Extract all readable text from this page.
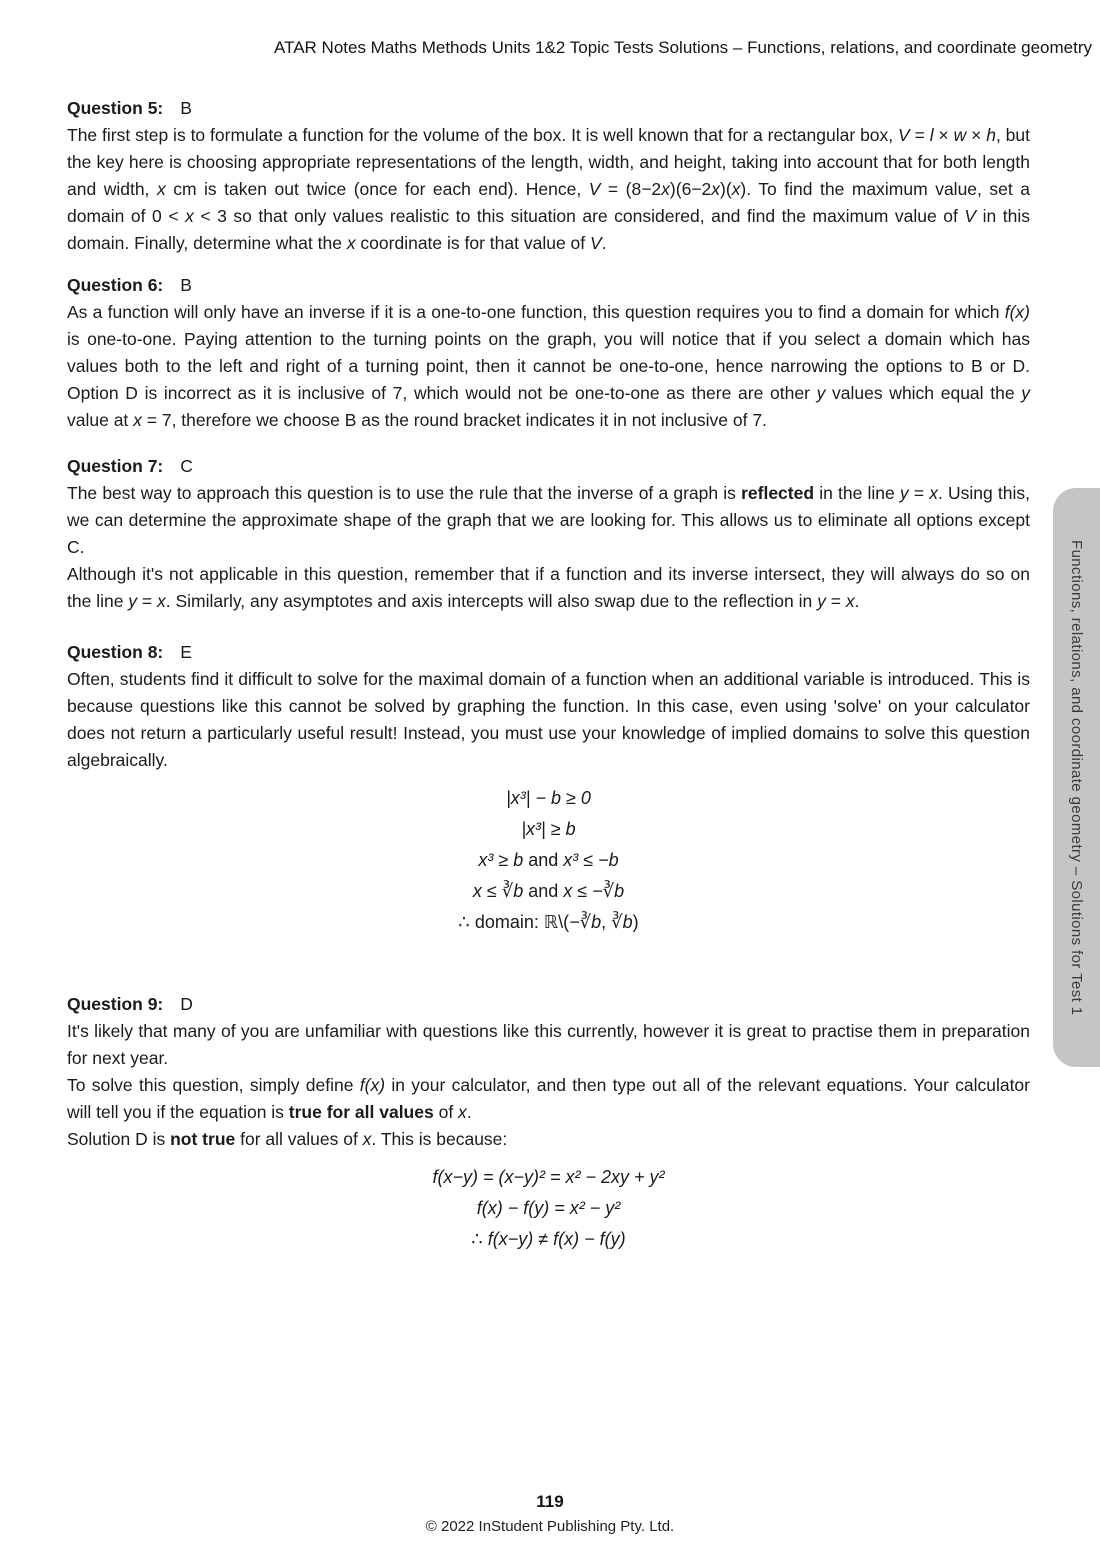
ATAR Notes Maths Methods Units 1&2 Topic Tests Solutions – Functions, relations, and coordinate geometry
Question 5: B

The first step is to formulate a function for the volume of the box. It is well known that for a rectangular box, V = l × w × h, but the key here is choosing appropriate representations of the length, width, and height, taking into account that for both length and width, x cm is taken out twice (once for each end). Hence, V = (8−2x)(6−2x)(x). To find the maximum value, set a domain of 0 < x < 3 so that only values realistic to this situation are considered, and find the maximum value of V in this domain. Finally, determine what the x coordinate is for that value of V.

Question 6: B

As a function will only have an inverse if it is a one-to-one function, this question requires you to find a domain for which f(x) is one-to-one. Paying attention to the turning points on the graph, you will notice that if you select a domain which has values both to the left and right of a turning point, then it cannot be one-to-one, hence narrowing the options to B or D. Option D is incorrect as it is inclusive of 7, which would not be one-to-one as there are other y values which equal the y value at x = 7, therefore we choose B as the round bracket indicates it in not inclusive of 7.

Question 7: C

The best way to approach this question is to use the rule that the inverse of a graph is reflected in the line y = x. Using this, we can determine the approximate shape of the graph that we are looking for. This allows us to eliminate all options except C.

Although it's not applicable in this question, remember that if a function and its inverse intersect, they will always do so on the line y = x. Similarly, any asymptotes and axis intercepts will also swap due to the reflection in y = x.

Question 8: E

Often, students find it difficult to solve for the maximal domain of a function when an additional variable is introduced. This is because questions like this cannot be solved by graphing the function. In this case, even using 'solve' on your calculator does not return a particularly useful result! Instead, you must use your knowledge of implied domains to solve this question algebraically.

|x³| − b ≥ 0
|x³| ≥ b
x³ ≥ b and x³ ≤ −b
x ≤ ∛b and x ≤ −∛b
∴ domain: ℝ\(−∛b, ∛b)
Question 9: D

It's likely that many of you are unfamiliar with questions like this currently, however it is great to practise them in preparation for next year.

To solve this question, simply define f(x) in your calculator, and then type out all of the relevant equations. Your calculator will tell you if the equation is true for all values of x.

Solution D is not true for all values of x. This is because:

f(x−y) = (x−y)² = x² − 2xy + y²
f(x) − f(y) = x² − y²
∴ f(x−y) ≠ f(x) − f(y)
Functions, relations, and coordinate geometry – Solutions for Test 1
119
© 2022 InStudent Publishing Pty. Ltd.
